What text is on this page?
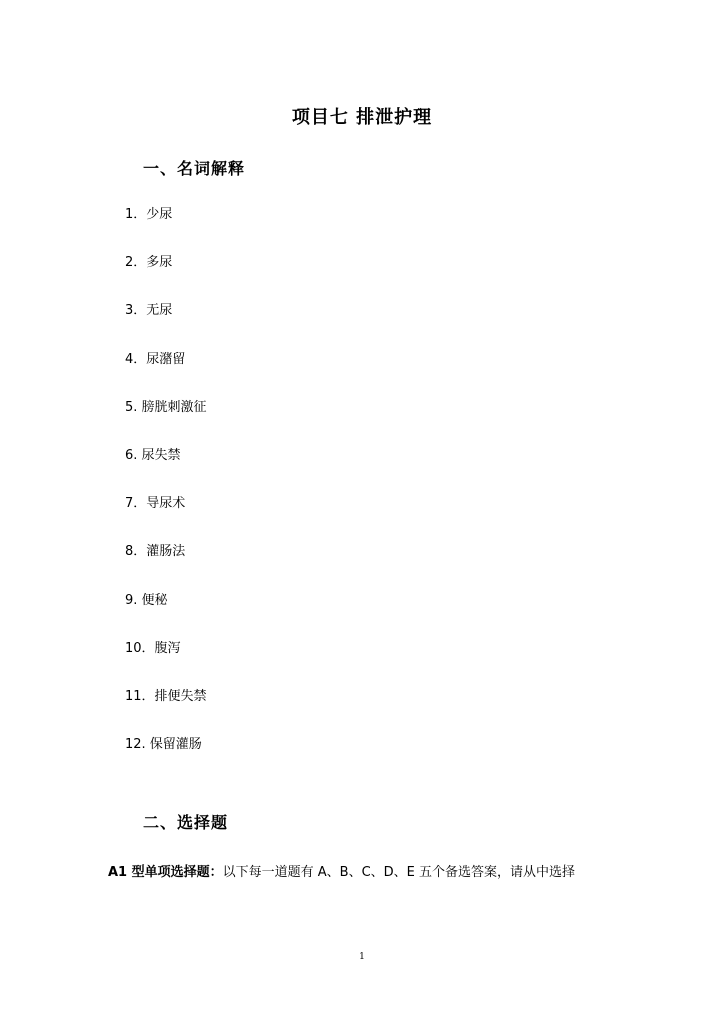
项目七 排泄护理
一、名词解释
1．少尿
2．多尿
3．无尿
4．尿潴留
5. 膀胱刺激征
6. 尿失禁
7．导尿术
8．灌肠法
9. 便秘
10．腹泻
11．排便失禁
12. 保留灌肠
二、选择题
A1 型单项选择题：以下每一道题有 A、B、C、D、E 五个备选答案，请从中选择
1
